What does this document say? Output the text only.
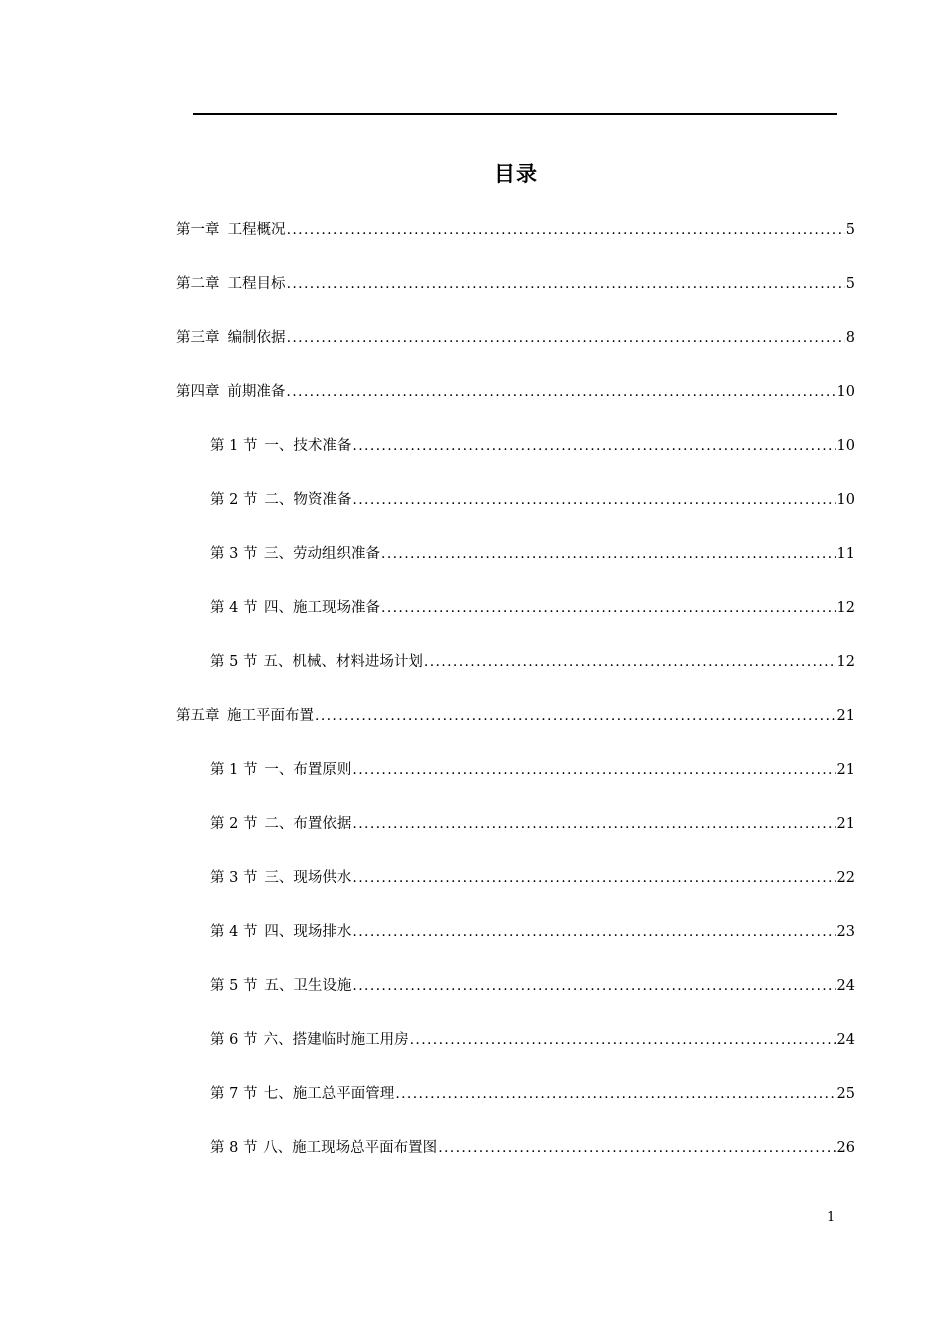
目录
第一章 工程概况 . . .	5
第二章 工程目标 . . .	5
第三章 编制依据 . . .	8
第四章 前期准备 . . .	10
第 1 节 一、技术准备 . . .	10
第 2 节 二、物资准备 . . .	10
第 3 节 三、劳动组织准备 . . .	11
第 4 节 四、施工现场准备 . . .	12
第 5 节 五、机械、材料进场计划 . . .	12
第五章 施工平面布置 . . .	21
第 1 节 一、布置原则 . . .	21
第 2 节 二、布置依据 . . .	21
第 3 节 三、现场供水 . . .	22
第 4 节 四、现场排水 . . .	23
第 5 节 五、卫生设施 . . .	24
第 6 节 六、搭建临时施工用房 . . .	24
第 7 节 七、施工总平面管理 . . .	25
第 8 节 八、施工现场总平面布置图 . . .	26
1
